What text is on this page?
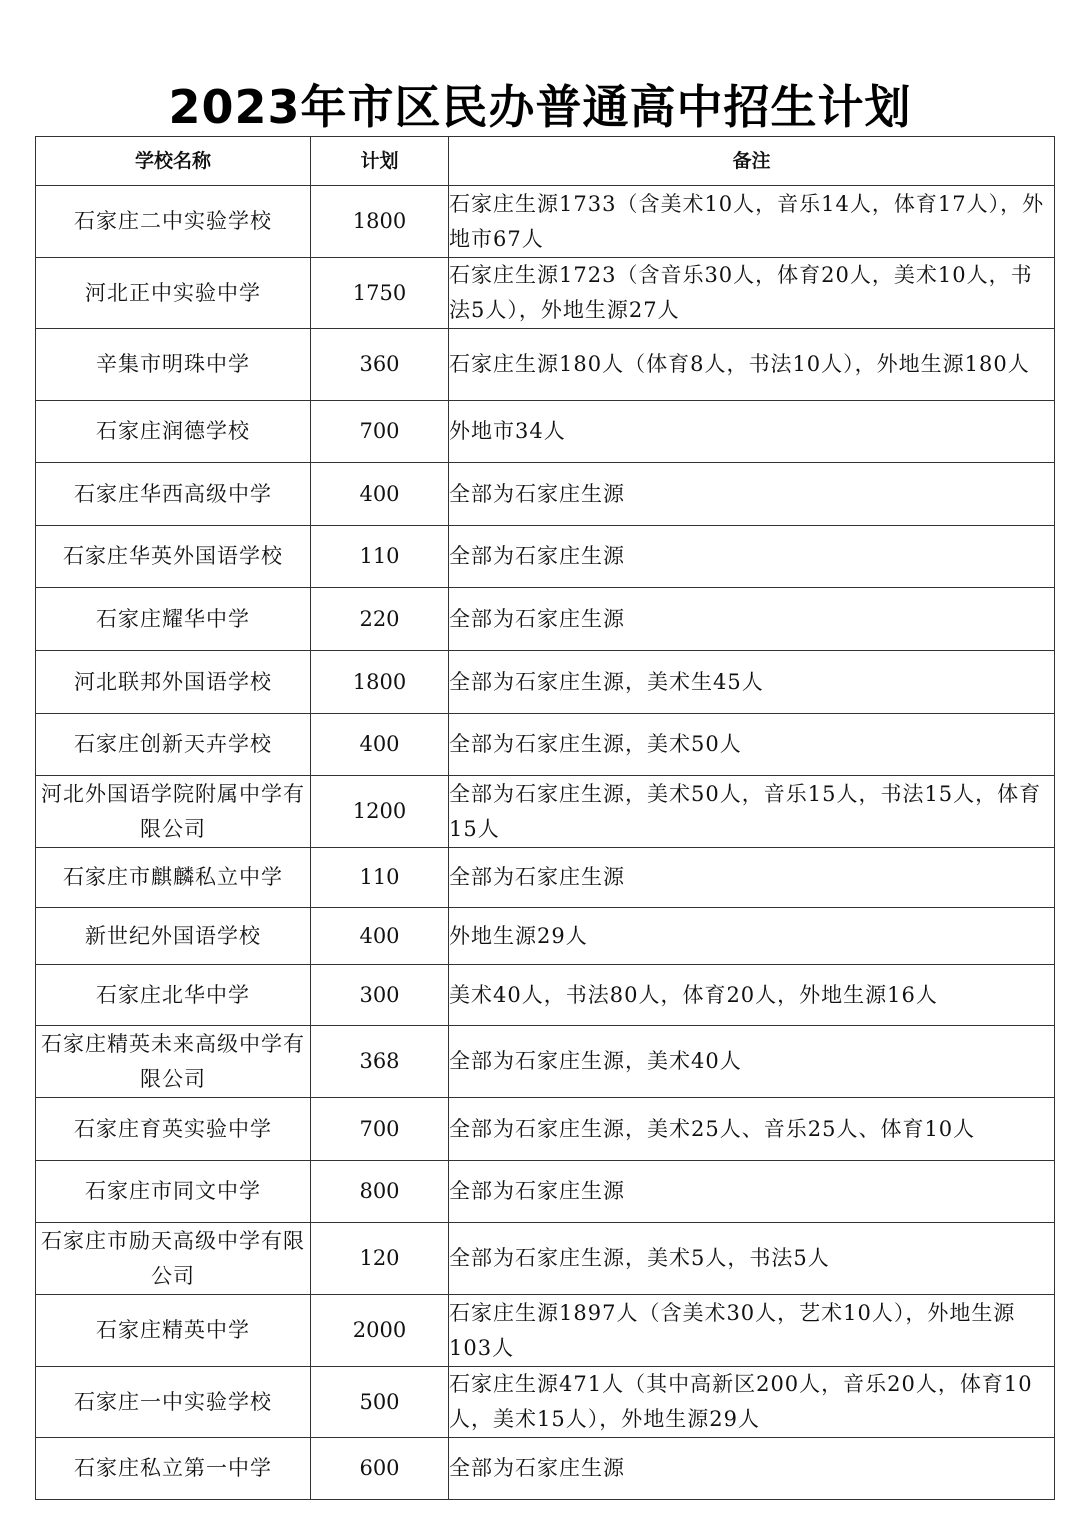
2023年市区民办普通高中招生计划
学校名称	计划	备注
石家庄二中实验学校	1800	石家庄生源1733（含美术10人，音乐14人，体育17人），外地市67人
河北正中实验中学	1750	石家庄生源1723（含音乐30人，体育20人，美术10人，书法5人），外地生源27人
辛集市明珠中学	360	石家庄生源180人（体育8人，书法10人），外地生源180人
石家庄润德学校	700	外地市34人
石家庄华西高级中学	400	全部为石家庄生源
石家庄华英外国语学校	110	全部为石家庄生源
石家庄耀华中学	220	全部为石家庄生源
河北联邦外国语学校	1800	全部为石家庄生源，美术生45人
石家庄创新天卉学校	400	全部为石家庄生源，美术50人
河北外国语学院附属中学有限公司	1200	全部为石家庄生源，美术50人，音乐15人，书法15人，体育15人
石家庄市麒麟私立中学	110	全部为石家庄生源
新世纪外国语学校	400	外地生源29人
石家庄北华中学	300	美术40人，书法80人，体育20人，外地生源16人
石家庄精英未来高级中学有限公司	368	全部为石家庄生源，美术40人
石家庄育英实验中学	700	全部为石家庄生源，美术25人、音乐25人、体育10人
石家庄市同文中学	800	全部为石家庄生源
石家庄市励天高级中学有限公司	120	全部为石家庄生源，美术5人，书法5人
石家庄精英中学	2000	石家庄生源1897人（含美术30人，艺术10人），外地生源103人
石家庄一中实验学校	500	石家庄生源471人（其中高新区200人，音乐20人，体育10人，美术15人），外地生源29人
石家庄私立第一中学	600	全部为石家庄生源
